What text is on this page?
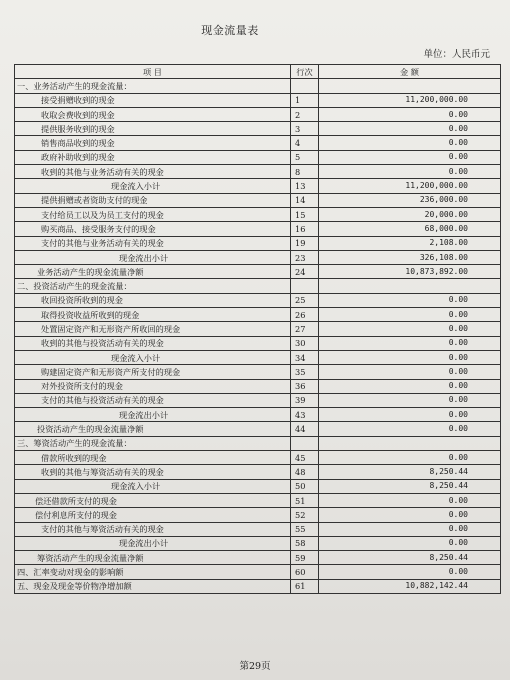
现金流量表
单位：人民币元
项 目	行次	金 额
一、业务活动产生的现金流量：		
接受捐赠收到的现金	1	11,200,000.00
收取会费收到的现金	2	0.00
提供服务收到的现金	3	0.00
销售商品收到的现金	4	0.00
政府补助收到的现金	5	0.00
收到的其他与业务活动有关的现金	8	0.00
现金流入小计	13	11,200,000.00
提供捐赠或者资助支付的现金	14	236,000.00
支付给员工以及为员工支付的现金	15	20,000.00
购买商品、接受服务支付的现金	16	68,000.00
支付的其他与业务活动有关的现金	19	2,108.00
现金流出小计	23	326,108.00
业务活动产生的现金流量净额	24	10,873,892.00
二、投资活动产生的现金流量：		
收回投资所收到的现金	25	0.00
取得投资收益所收到的现金	26	0.00
处置固定资产和无形资产所收回的现金	27	0.00
收到的其他与投资活动有关的现金	30	0.00
现金流入小计	34	0.00
购建固定资产和无形资产所支付的现金	35	0.00
对外投资所支付的现金	36	0.00
支付的其他与投资活动有关的现金	39	0.00
现金流出小计	43	0.00
投资活动产生的现金流量净额	44	0.00
三、筹资活动产生的现金流量：		
借款所收到的现金	45	0.00
收到的其他与筹资活动有关的现金	48	8,250.44
现金流入小计	50	8,250.44
偿还借款所支付的现金	51	0.00
偿付利息所支付的现金	52	0.00
支付的其他与筹资活动有关的现金	55	0.00
现金流出小计	58	0.00
筹资活动产生的现金流量净额	59	8,250.44
四、汇率变动对现金的影响额	60	0.00
五、现金及现金等价物净增加额	61	10,882,142.44
第29页
